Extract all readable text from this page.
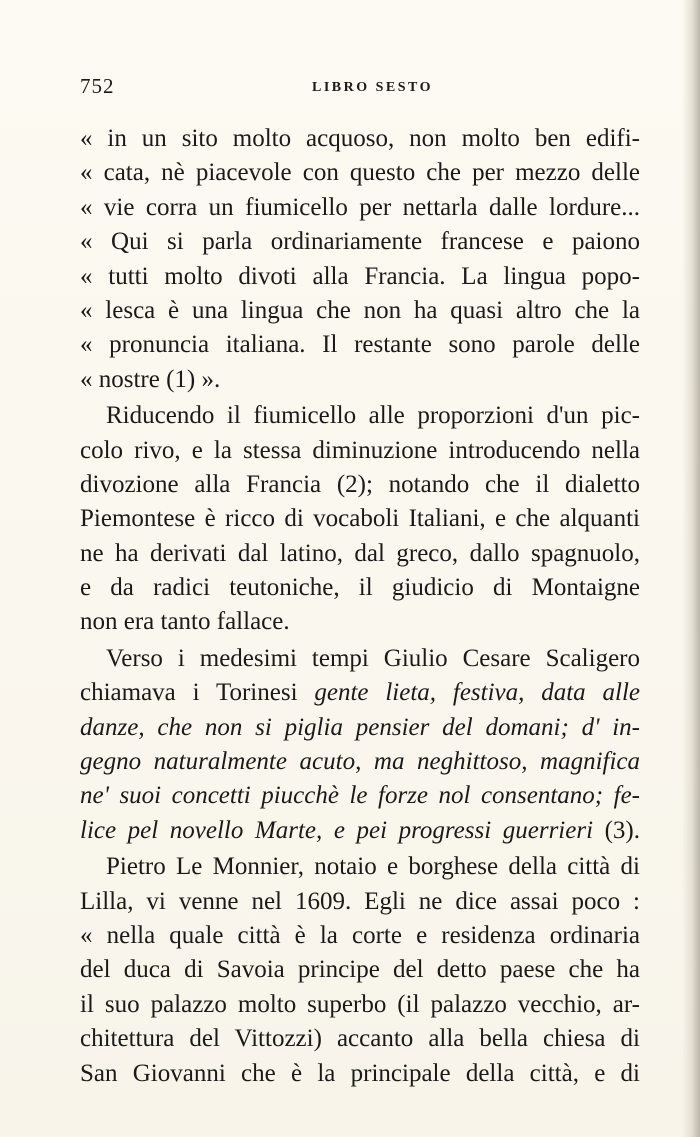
752	LIBRO SESTO
« in un sito molto acquoso, non molto ben edifi-
« cata, nè piacevole con questo che per mezzo delle
« vie corra un fiumicello per nettarla dalle lordure...
« Qui si parla ordinariamente francese e paiono
« tutti molto divoti alla Francia. La lingua popo-
« lesca è una lingua che non ha quasi altro che la
« pronuncia italiana. Il restante sono parole delle
« nostre (1) ».
Riducendo il fiumicello alle proporzioni d'un pic-
colo rivo, e la stessa diminuzione introducendo nella
divozione alla Francia (2); notando che il dialetto
Piemontese è ricco di vocaboli Italiani, e che alquanti
ne ha derivati dal latino, dal greco, dallo spagnuolo,
e da radici teutoniche, il giudicio di Montaigne
non era tanto fallace.
Verso i medesimi tempi Giulio Cesare Scaligero
chiamava i Torinesi gente lieta, festiva, data alle
danze, che non si piglia pensier del domani; d' in-
gegno naturalmente acuto, ma neghittoso, magnifica
ne' suoi concetti piucchè le forze nol consentano; fe-
lice pel novello Marte, e pei progressi guerrieri (3).
Pietro Le Monnier, notaio e borghese della città di
Lilla, vi venne nel 1609. Egli ne dice assai poco :
« nella quale città è la corte e residenza ordinaria
del duca di Savoia principe del detto paese che ha
il suo palazzo molto superbo (il palazzo vecchio, ar-
chitettura del Vittozzi) accanto alla bella chiesa di
San Giovanni che è la principale della città, e di
